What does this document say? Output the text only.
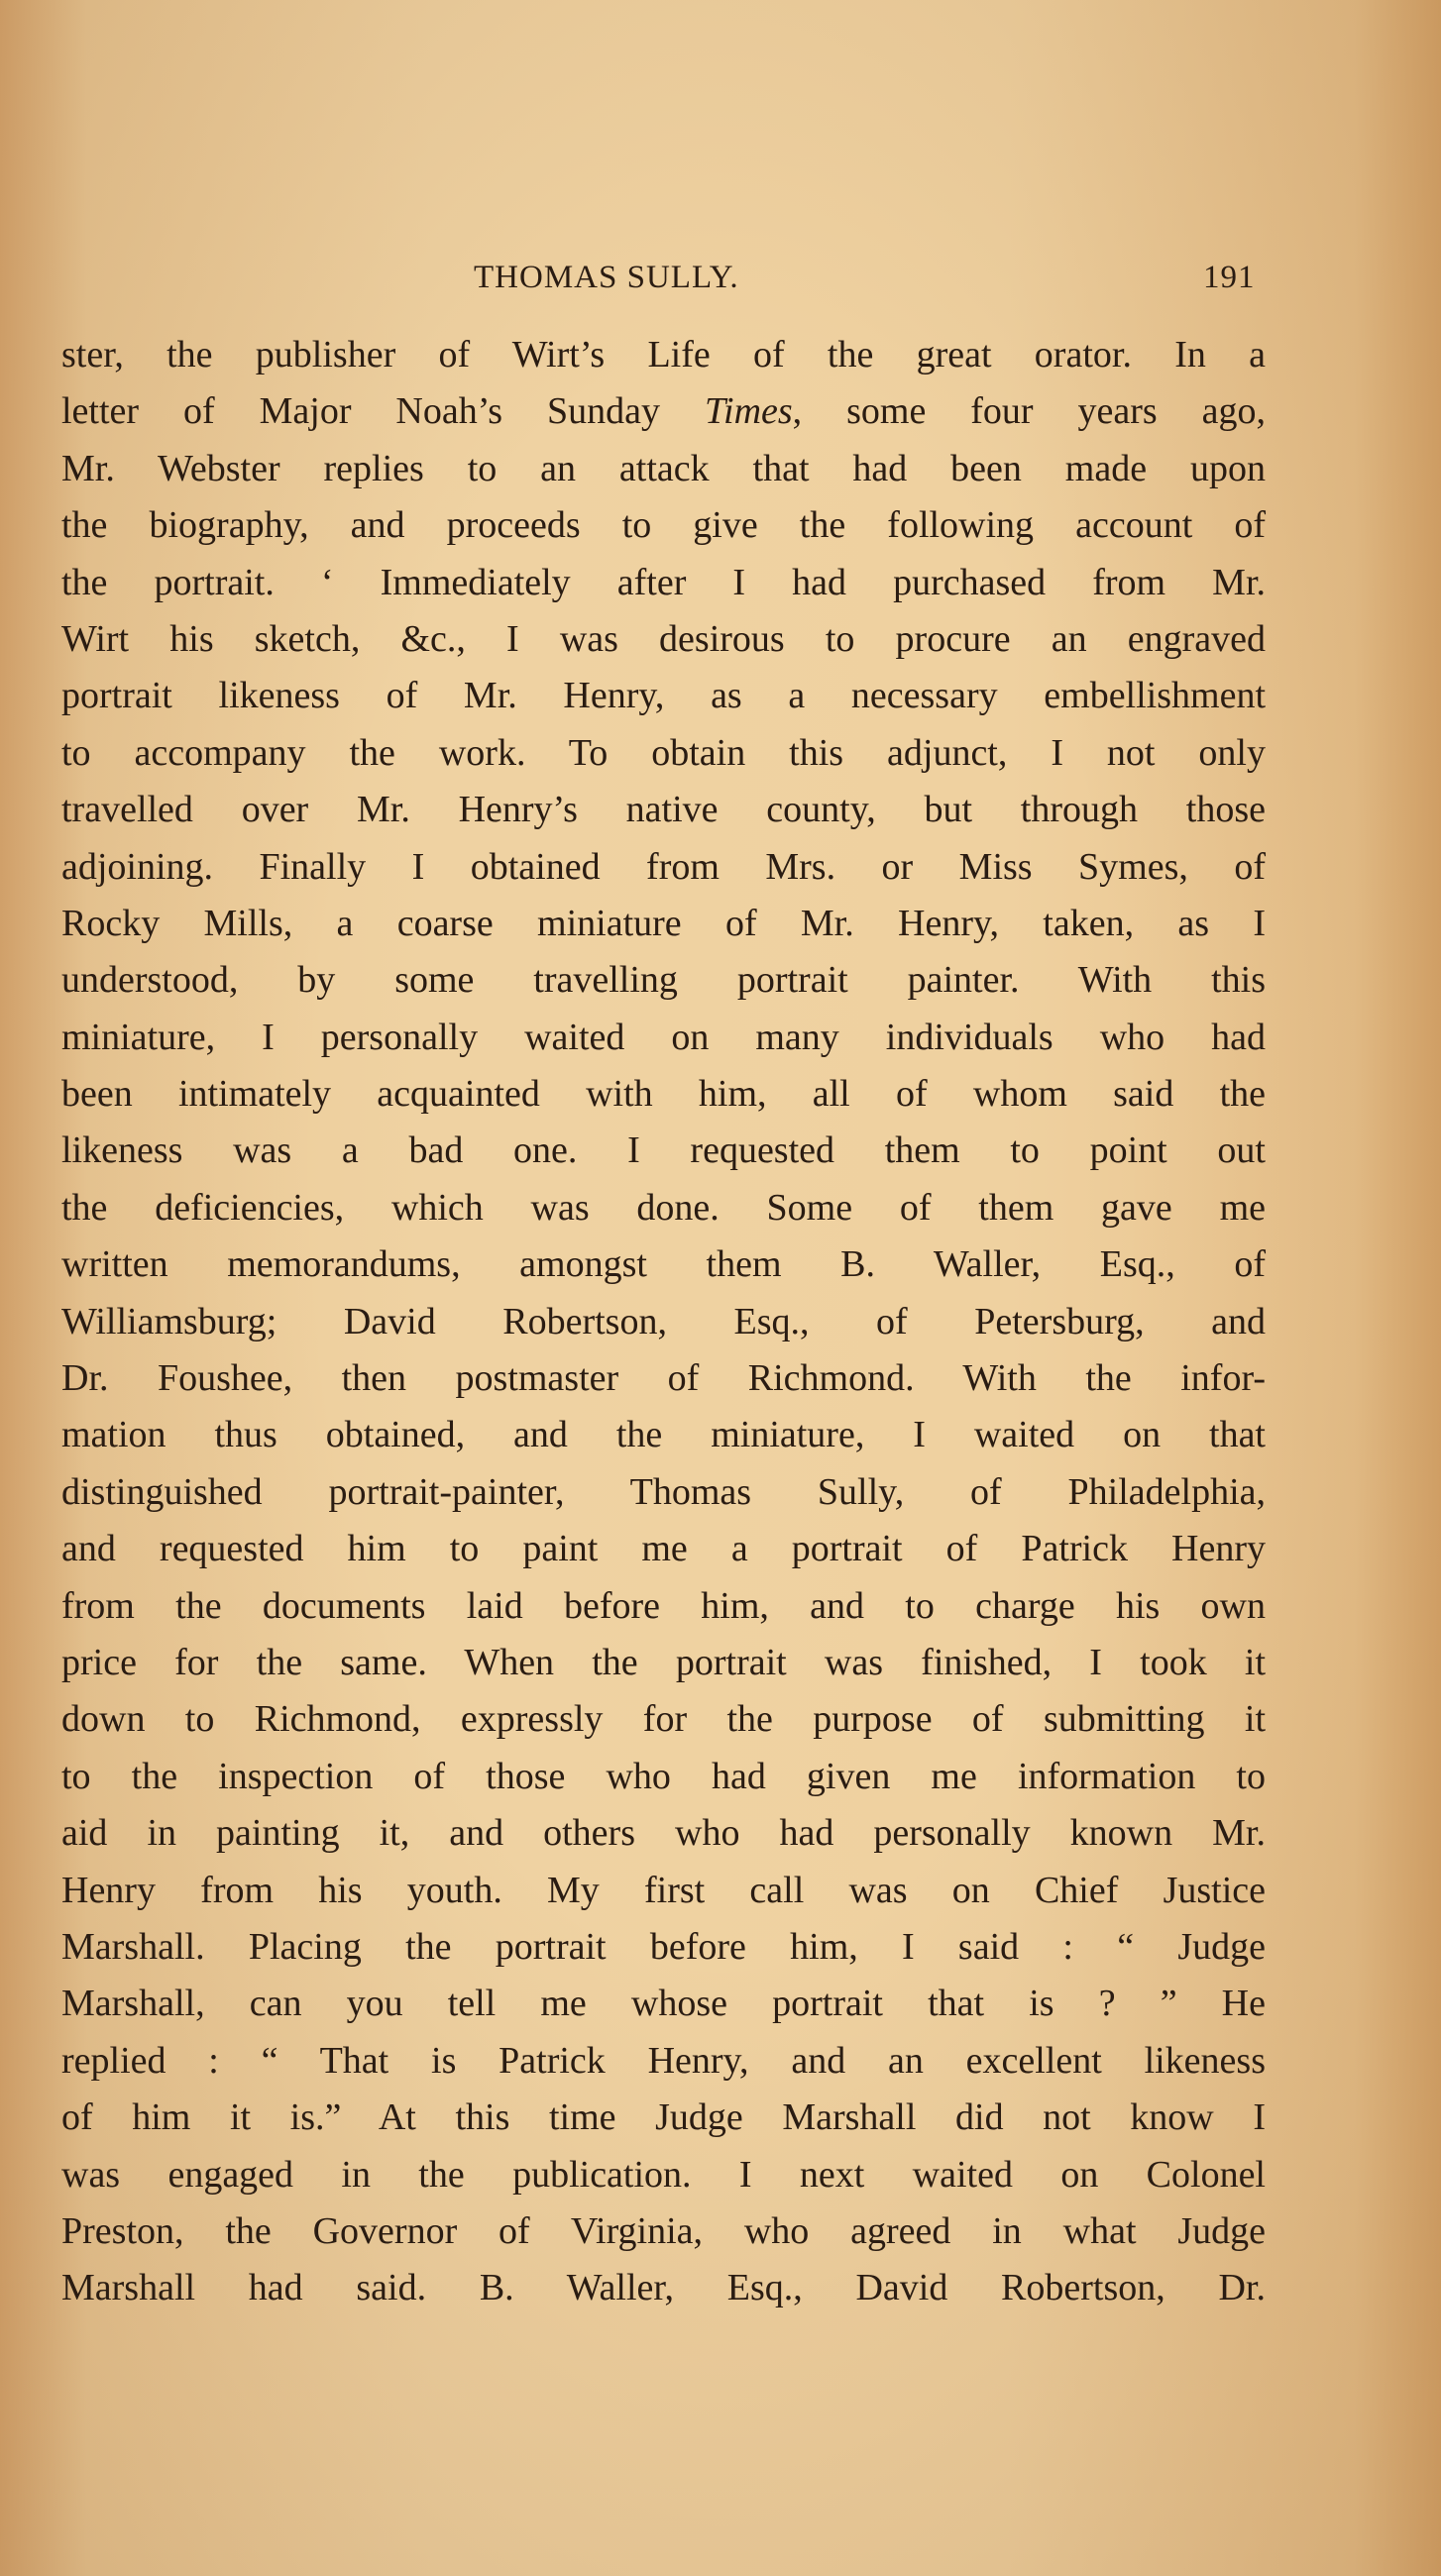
THOMAS SULLY.	191
ster, the publisher of Wirt’s Life of the great orator. In a
letter of Major Noah’s Sunday Times, some four years ago,
Mr. Webster replies to an attack that had been made upon
the biography, and proceeds to give the following account of
the portrait. ‘ Immediately after I had purchased from Mr.
Wirt his sketch, &c., I was desirous to procure an engraved
portrait likeness of Mr. Henry, as a necessary embellishment
to accompany the work. To obtain this adjunct, I not only
travelled over Mr. Henry’s native county, but through those
adjoining. Finally I obtained from Mrs. or Miss Symes, of
Rocky Mills, a coarse miniature of Mr. Henry, taken, as I
understood, by some travelling portrait painter. With this
miniature, I personally waited on many individuals who had
been intimately acquainted with him, all of whom said the
likeness was a bad one. I requested them to point out
the deficiencies, which was done. Some of them gave me
written memorandums, amongst them B. Waller, Esq., of
Williamsburg; David Robertson, Esq., of Petersburg, and
Dr. Foushee, then postmaster of Richmond. With the infor-
mation thus obtained, and the miniature, I waited on that
distinguished portrait-painter, Thomas Sully, of Philadelphia,
and requested him to paint me a portrait of Patrick Henry
from the documents laid before him, and to charge his own
price for the same. When the portrait was finished, I took it
down to Richmond, expressly for the purpose of submitting it
to the inspection of those who had given me information to
aid in painting it, and others who had personally known Mr.
Henry from his youth. My first call was on Chief Justice
Marshall. Placing the portrait before him, I said : “ Judge
Marshall, can you tell me whose portrait that is ? ” He
replied : “ That is Patrick Henry, and an excellent likeness
of him it is.” At this time Judge Marshall did not know I
was engaged in the publication. I next waited on Colonel
Preston, the Governor of Virginia, who agreed in what Judge
Marshall had said. B. Waller, Esq., David Robertson, Dr.
